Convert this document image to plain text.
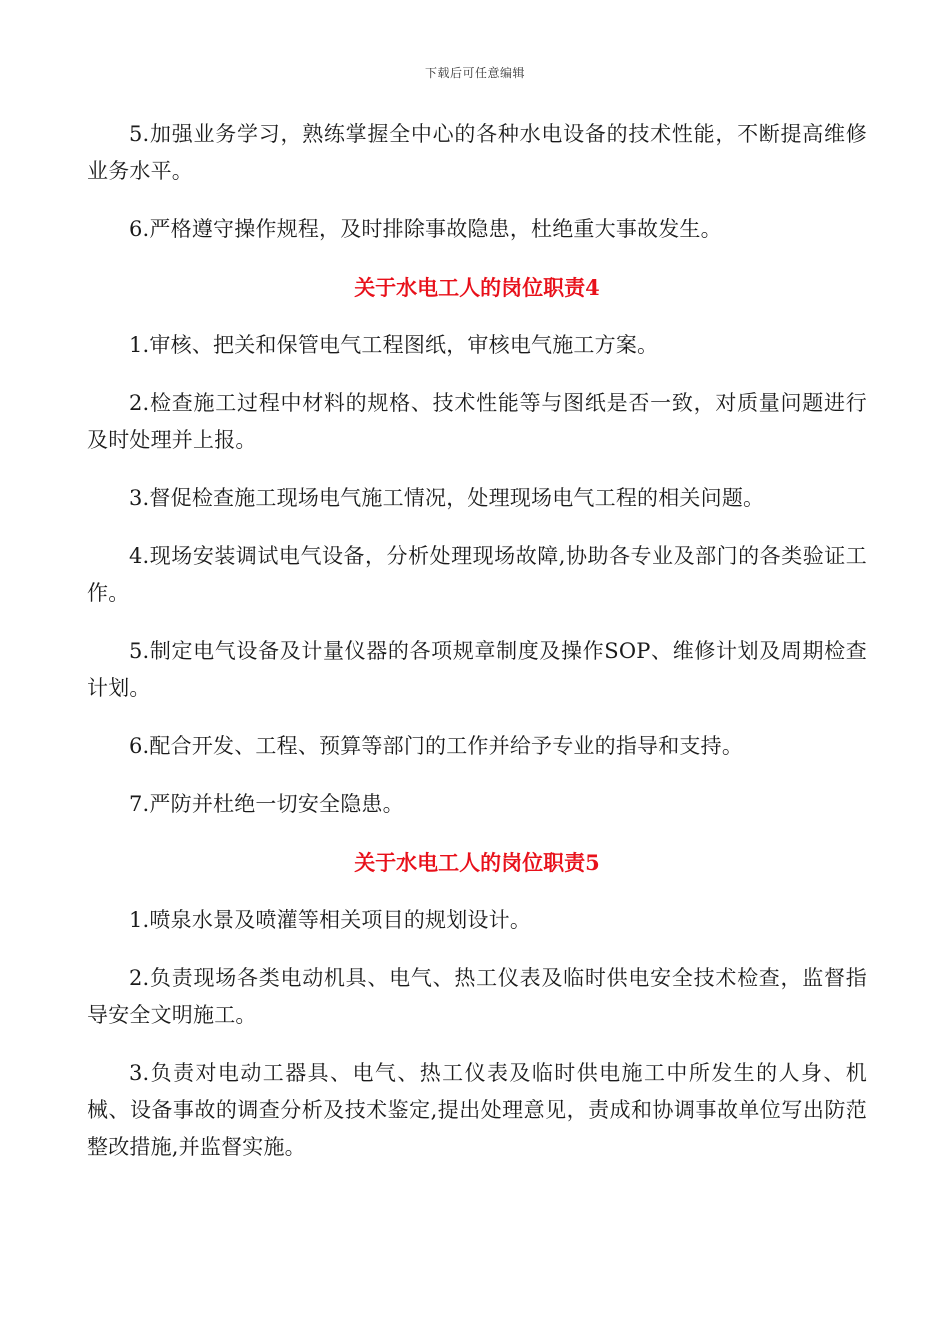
下载后可任意编辑

5.加强业务学习，熟练掌握全中心的各种水电设备的技术性能，不断提高维修业务水平。

6.严格遵守操作规程，及时排除事故隐患，杜绝重大事故发生。

关于水电工人的岗位职责4

1.审核、把关和保管电气工程图纸，审核电气施工方案。

2.检查施工过程中材料的规格、技术性能等与图纸是否一致，对质量问题进行及时处理并上报。

3.督促检查施工现场电气施工情况，处理现场电气工程的相关问题。

4.现场安装调试电气设备，分析处理现场故障,协助各专业及部门的各类验证工作。

5.制定电气设备及计量仪器的各项规章制度及操作SOP、维修计划及周期检查计划。

6.配合开发、工程、预算等部门的工作并给予专业的指导和支持。

7.严防并杜绝一切安全隐患。

关于水电工人的岗位职责5

1.喷泉水景及喷灌等相关项目的规划设计。

2.负责现场各类电动机具、电气、热工仪表及临时供电安全技术检查，监督指导安全文明施工。

3.负责对电动工器具、电气、热工仪表及临时供电施工中所发生的人身、机械、设备事故的调查分析及技术鉴定,提出处理意见，责成和协调事故单位写出防范整改措施,并监督实施。
